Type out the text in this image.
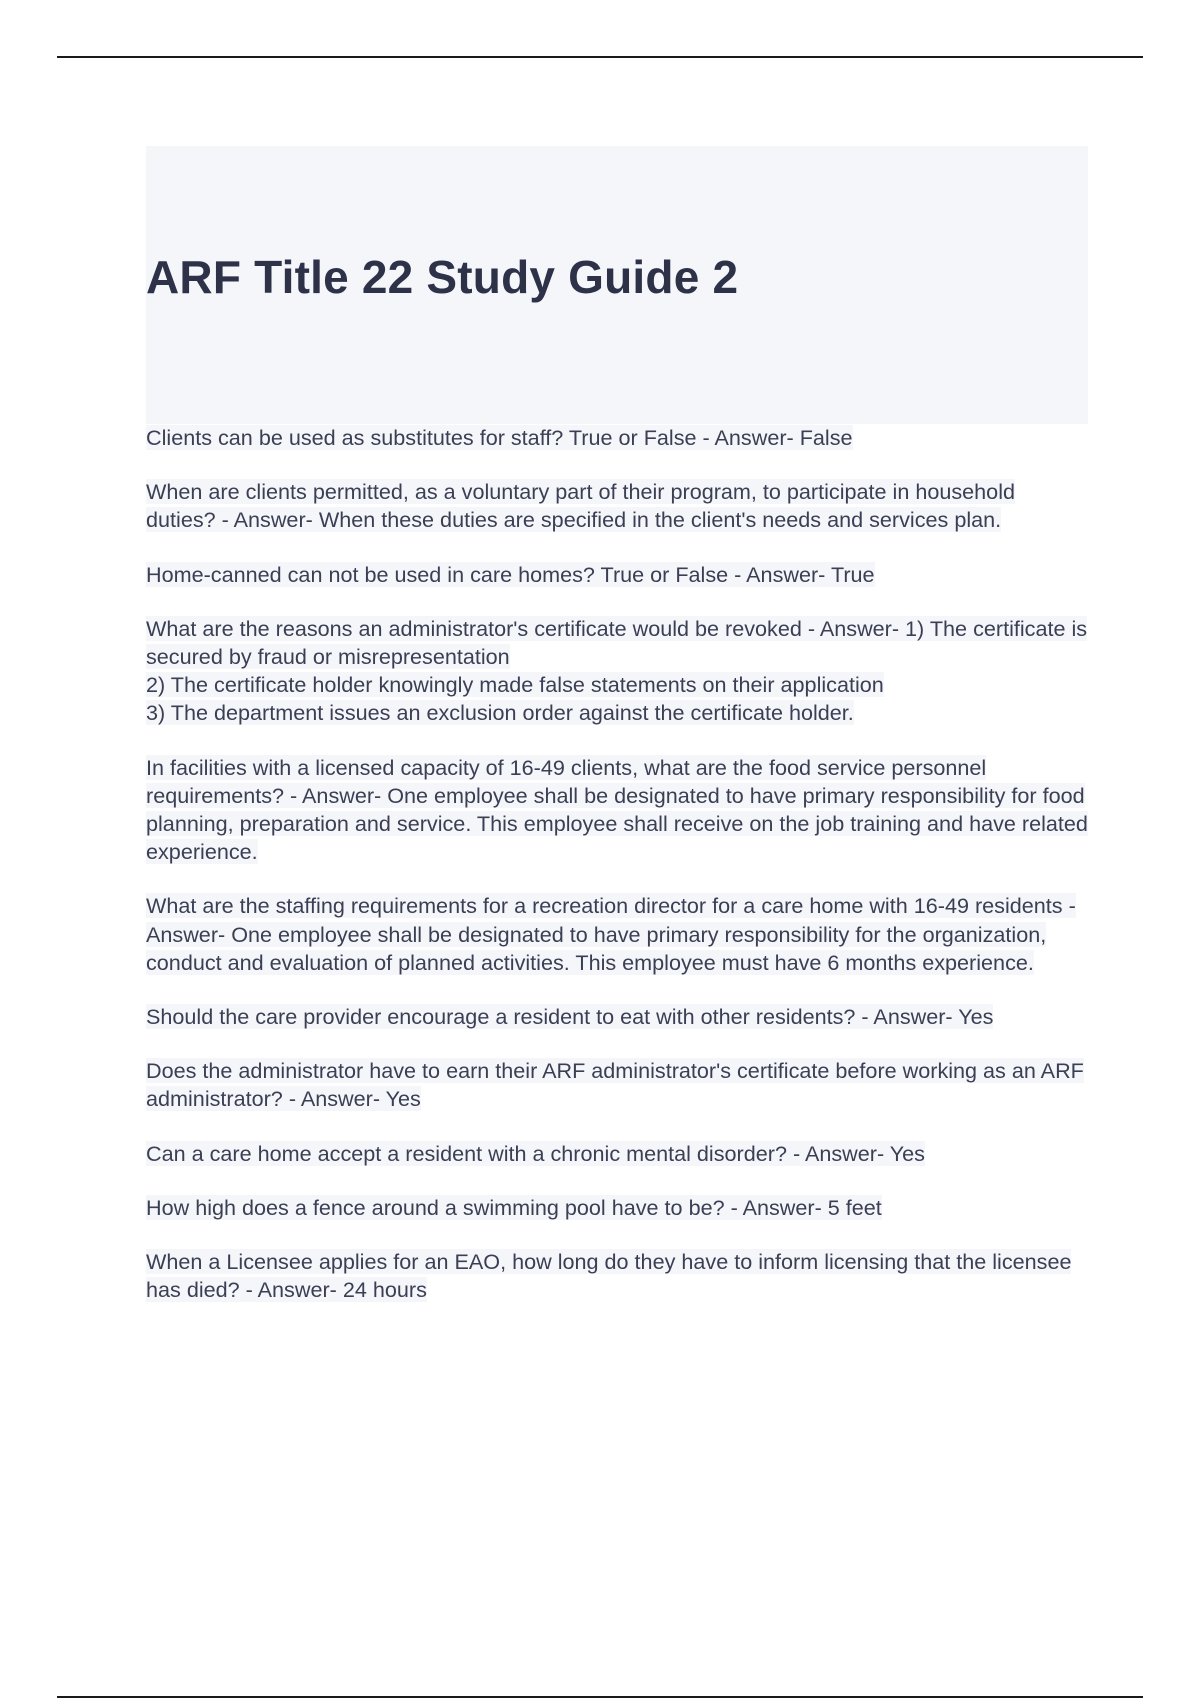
ARF Title 22 Study Guide 2
Clients can be used as substitutes for staff? True or False - Answer- False
When are clients permitted, as a voluntary part of their program, to participate in household duties? - Answer- When these duties are specified in the client's needs and services plan.
Home-canned can not be used in care homes? True or False - Answer- True
What are the reasons an administrator's certificate would be revoked - Answer- 1) The certificate is secured by fraud or misrepresentation
2) The certificate holder knowingly made false statements on their application
3) The department issues an exclusion order against the certificate holder.
In facilities with a licensed capacity of 16-49 clients, what are the food service personnel requirements? - Answer- One employee shall be designated to have primary responsibility for food planning, preparation and service. This employee shall receive on the job training and have related experience.
What are the staffing requirements for a recreation director for a care home with 16-49 residents - Answer- One employee shall be designated to have primary responsibility for the organization, conduct and evaluation of planned activities. This employee must have 6 months experience.
Should the care provider encourage a resident to eat with other residents? - Answer- Yes
Does the administrator have to earn their ARF administrator's certificate before working as an ARF administrator? - Answer- Yes
Can a care home accept a resident with a chronic mental disorder? - Answer- Yes
How high does a fence around a swimming pool have to be? - Answer- 5 feet
When a Licensee applies for an EAO, how long do they have to inform licensing that the licensee has died? - Answer- 24 hours
